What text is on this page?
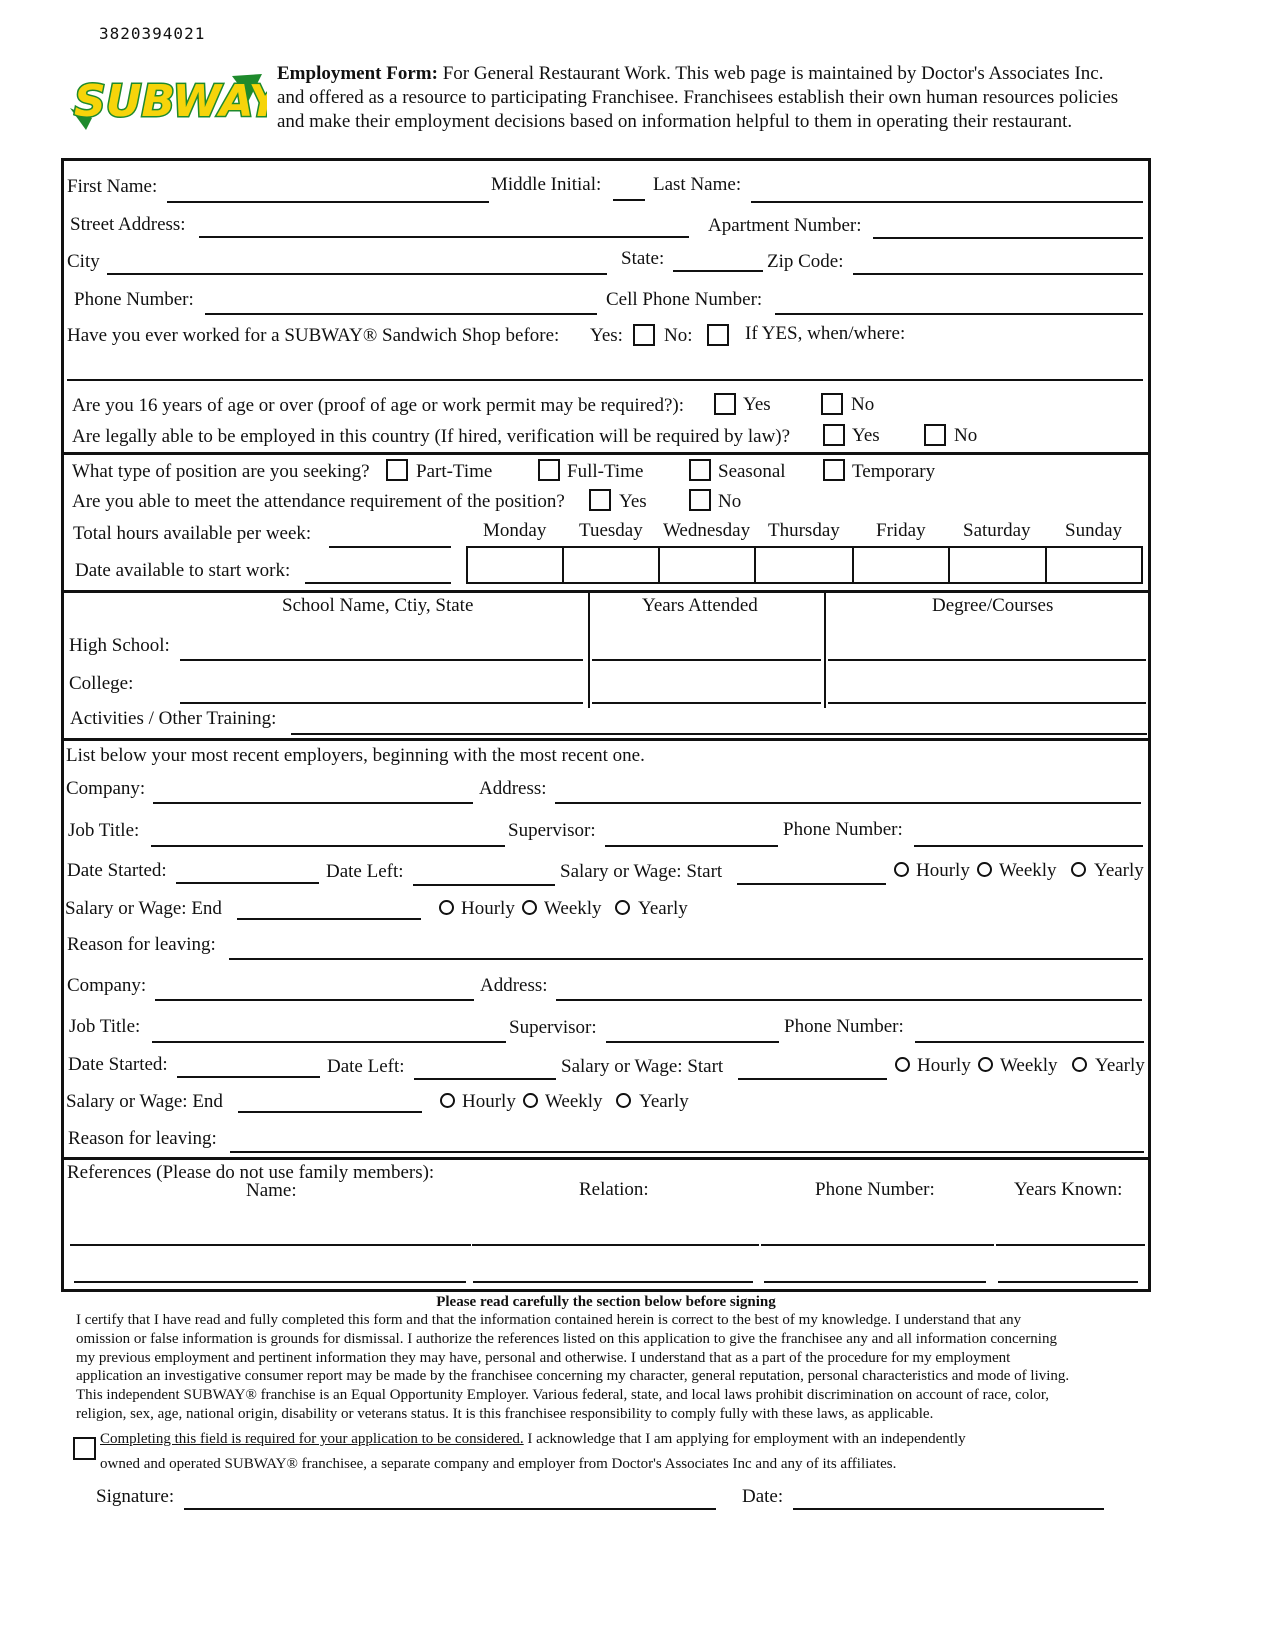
3820394021
SUBWAY
Employment Form: For General Restaurant Work. This web page is maintained by Doctor's Associates Inc.
and offered as a resource to participating Franchisee. Franchisees establish their own human resources policies
and make their employment decisions based on information helpful to them in operating their restaurant.
First Name:	Middle Initial:	Last Name:
Street Address:	Apartment Number:
City	State:	Zip Code:
Phone Number:	Cell Phone Number:
Have you ever worked for a SUBWAY® Sandwich Shop before: Yes: No:	If YES, when/where:
Are you 16 years of age or over (proof of age or work permit may be required?):	Yes	No
Are legally able to be employed in this country (If hired, verification will be required by law)?	Yes	No
What type of position are you seeking? Part-Time	Full-Time	Seasonal	Temporary
Are you able to meet the attendance requirement of the position?	Yes	No
Total hours available per week:
Date available to start work:
Monday Tuesday Wednesday Thursday Friday Saturday Sunday
School Name, Ctiy, State	Years Attended	Degree/Courses
High School:
College:
Activities / Other Training:
List below your most recent employers, beginning with the most recent one.
Company:	Address:
Job Title:	Supervisor:	Phone Number:
Date Started:	Date Left:	Salary or Wage: Start	Hourly Weekly Yearly
Salary or Wage: End	Hourly Weekly Yearly
Reason for leaving:
Company:	Address:
Job Title:	Supervisor:	Phone Number:
Date Started:	Date Left:	Salary or Wage: Start	Hourly Weekly Yearly
Salary or Wage: End	Hourly Weekly Yearly
Reason for leaving:
References (Please do not use family members):
Name:	Relation:	Phone Number:	Years Known:
Please read carefully the section below before signing
I certify that I have read and fully completed this form and that the information contained herein is correct to the best of my knowledge. I understand that any
omission or false information is grounds for dismissal. I authorize the references listed on this application to give the franchisee any and all information concerning
my previous employment and pertinent information they may have, personal and otherwise. I understand that as a part of the procedure for my employment
application an investigative consumer report may be made by the franchisee concerning my character, general reputation, personal characteristics and mode of living.
This independent SUBWAY® franchise is an Equal Opportunity Employer. Various federal, state, and local laws prohibit discrimination on account of race, color,
religion, sex, age, national origin, disability or veterans status. It is this franchisee responsibility to comply fully with these laws, as applicable.
Completing this field is required for your application to be considered. I acknowledge that I am applying for employment with an independently
owned and operated SUBWAY® franchisee, a separate company and employer from Doctor's Associates Inc and any of its affiliates.
Signature:	Date:
